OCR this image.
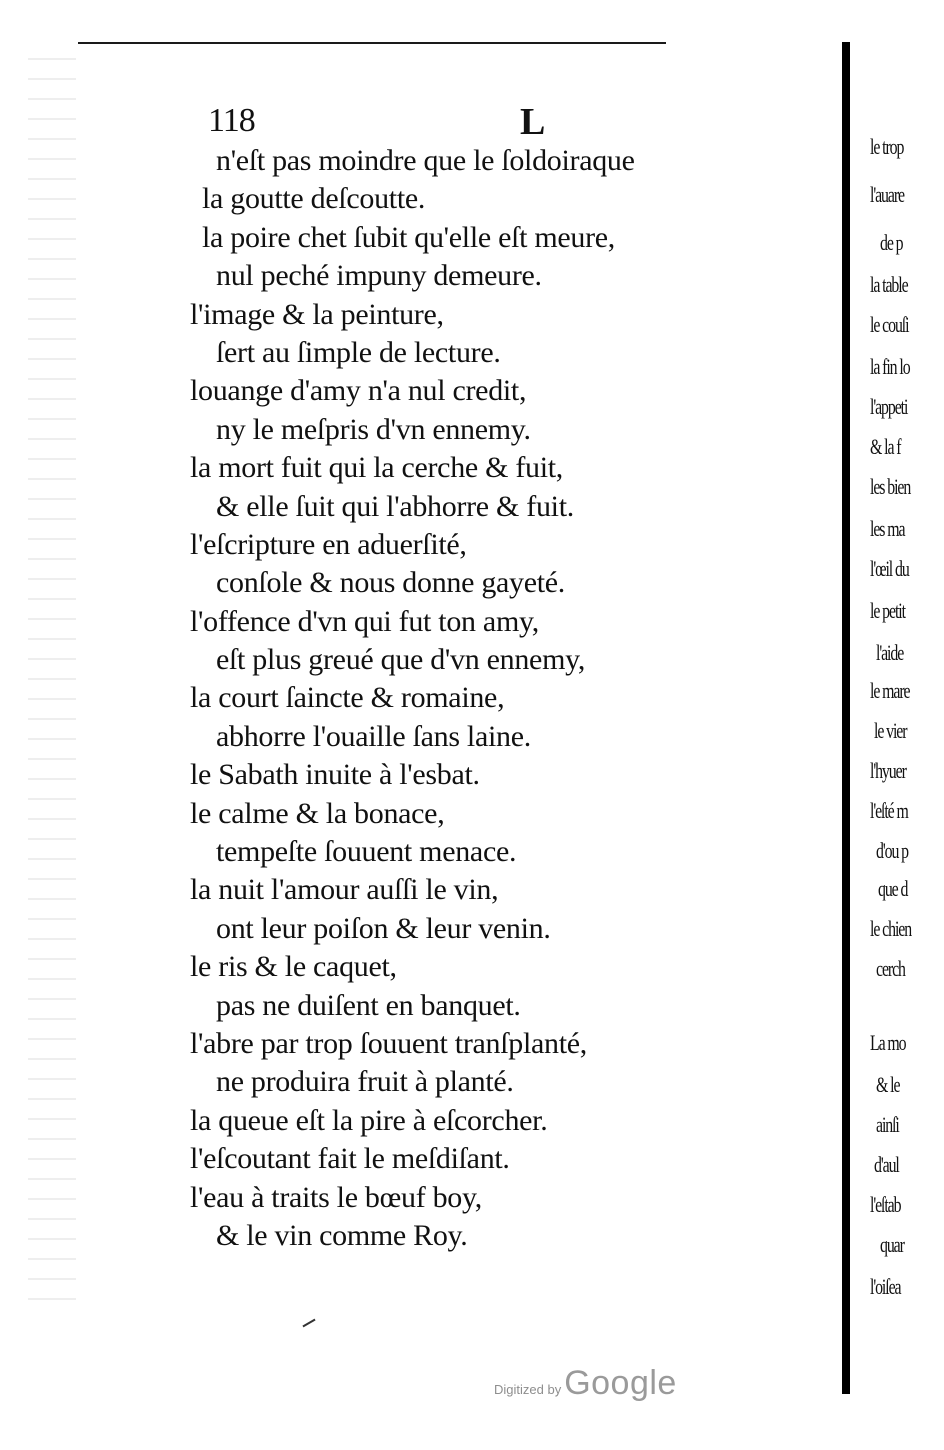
118	L
n'eſt pas moindre que le ſoldoiraque
la goutte deſcoutte.
la poire chet ſubit qu'elle eſt meure,
nul peché impuny demeure.
l'image & la peinture,
ſert au ſimple de lecture.
louange d'amy n'a nul credit,
ny le meſpris d'vn ennemy.
la mort fuit qui la cerche & fuit,
& elle ſuit qui l'abhorre & fuit.
l'eſcripture en aduerſité,
conſole & nous donne gayeté.
l'offence d'vn qui fut ton amy,
eſt plus greué que d'vn ennemy,
la court ſaincte & romaine,
abhorre l'ouaille ſans laine.
le Sabath inuite à l'esbat.
le calme & la bonace,
tempeſte ſouuent menace.
la nuit l'amour auſſi le vin,
ont leur poiſon & leur venin.
le ris & le caquet,
pas ne duiſent en banquet.
l'abre par trop ſouuent tranſplanté,
ne produira fruit à planté.
la queue eſt la pire à eſcorcher.
l'eſcoutant fait le meſdiſant.
l'eau à traits le bœuf boy,
& le vin comme Roy.
le trop
l'auare
de p
la table
le couſi
la fin lo
l'appeti
& la f
les bien
les ma
l'œil du
le petit
l'aide
le mare
le vier
l'hyuer
l'eſté m
d'ou p
que d
le chien
cerch
La mo
& le
ainſi
d'aul
l'eſtab
quar
l'oiſea
Digitized by Google
